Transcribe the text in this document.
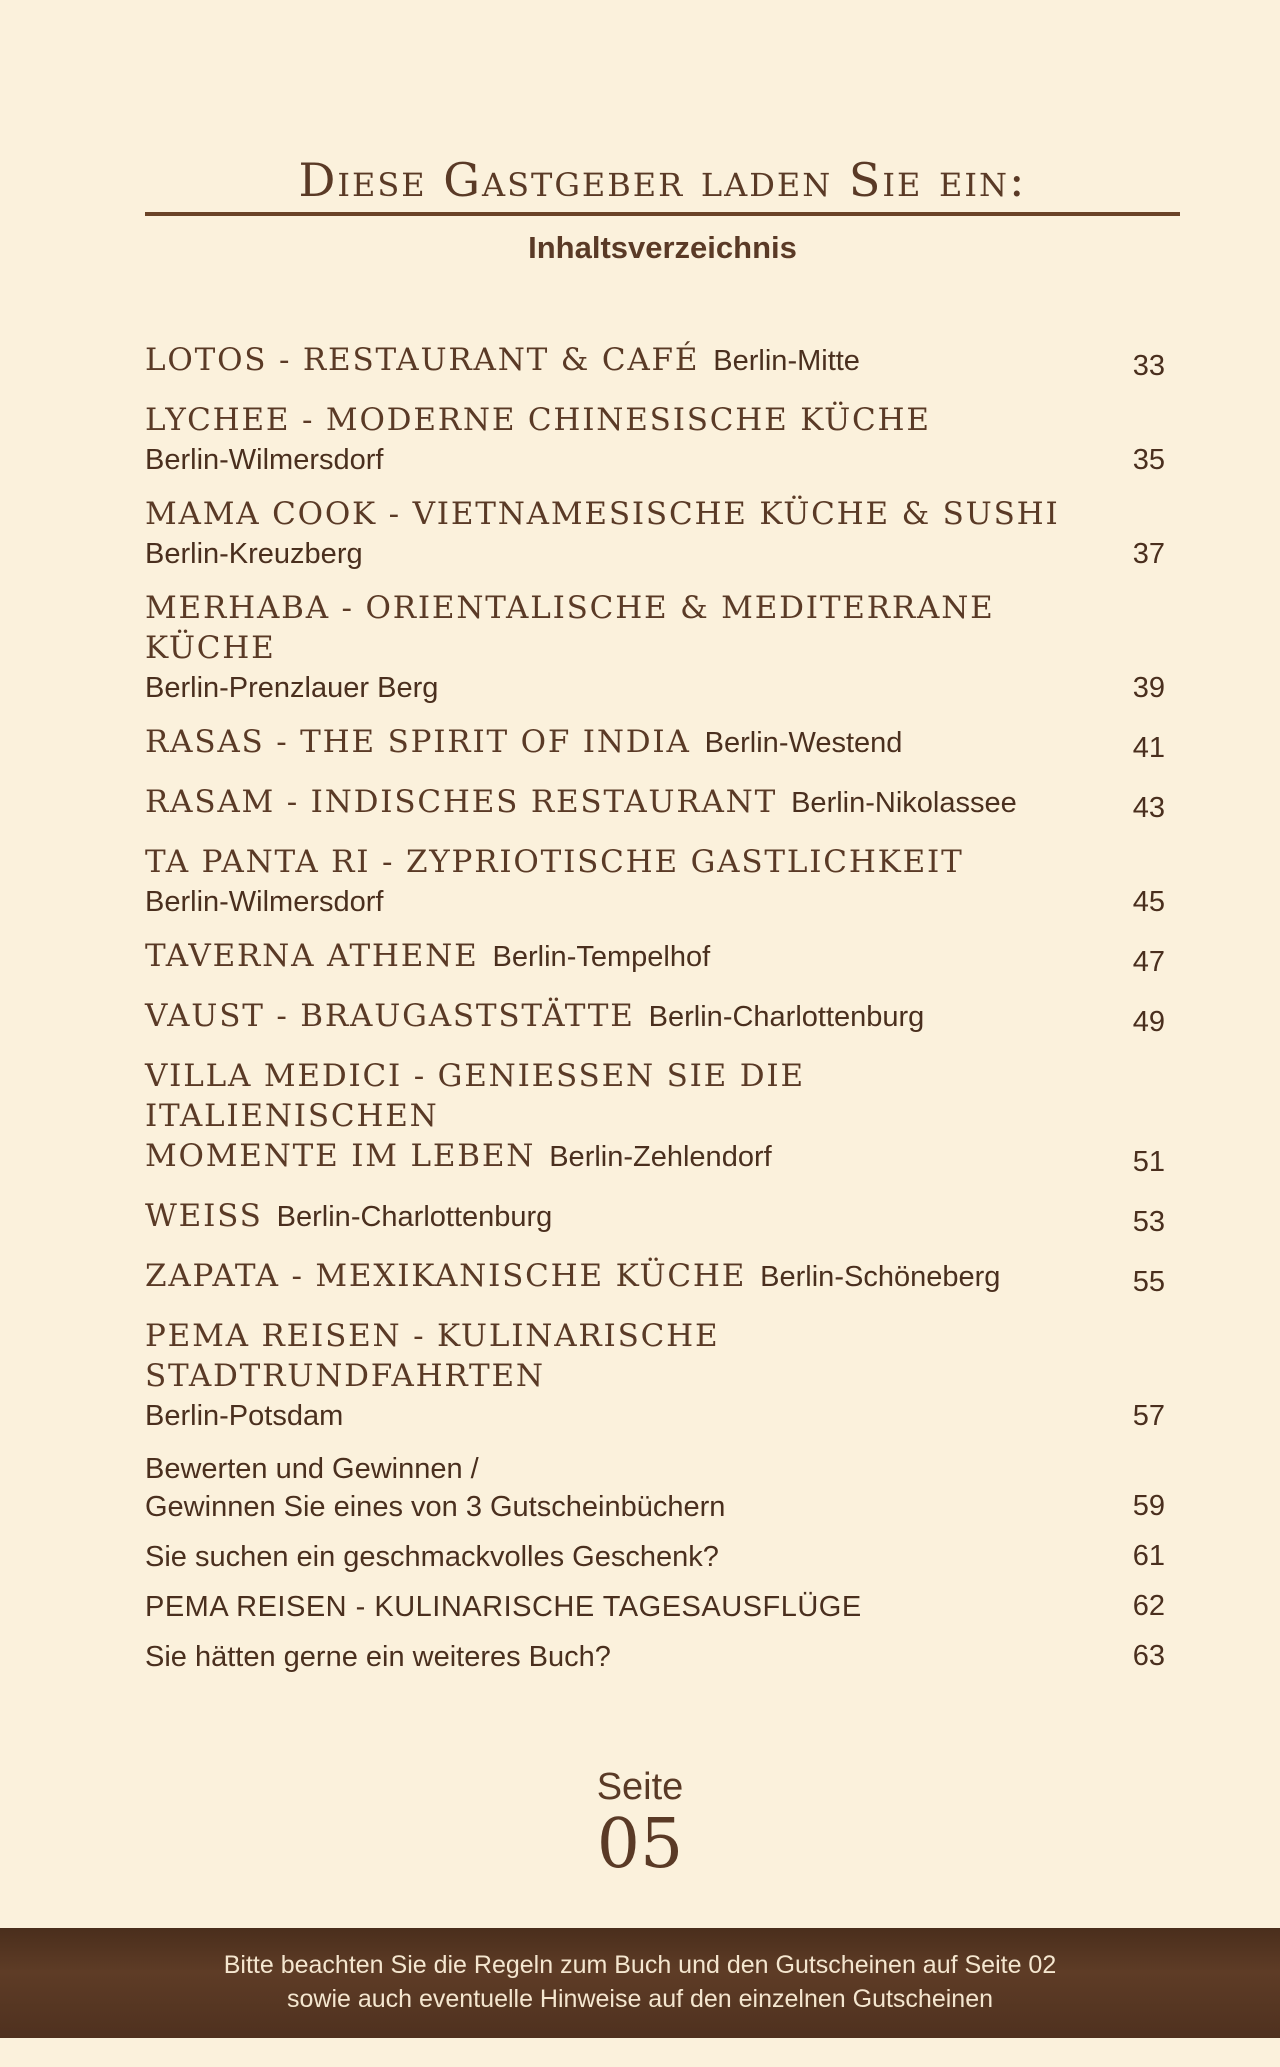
Diese Gastgeber laden Sie ein:
Inhaltsverzeichnis
LOTOS - RESTAURANT & CAFÉ Berlin-Mitte	33
LYCHEE - MODERNE CHINESISCHE KÜCHE
Berlin-Wilmersdorf	35
MAMA COOK - VIETNAMESISCHE KÜCHE & SUSHI
Berlin-Kreuzberg	37
MERHABA - ORIENTALISCHE & MEDITERRANE KÜCHE
Berlin-Prenzlauer Berg	39
RASAS - THE SPIRIT OF INDIA Berlin-Westend	41
RASAM - INDISCHES RESTAURANT Berlin-Nikolassee	43
TA PANTA RI - ZYPRIOTISCHE GASTLICHKEIT
Berlin-Wilmersdorf	45
TAVERNA ATHENE Berlin-Tempelhof	47
VAUST - BRAUGASTSTÄTTE Berlin-Charlottenburg	49
VILLA MEDICI - GENIESSEN SIE DIE ITALIENISCHEN
MOMENTE IM LEBEN Berlin-Zehlendorf	51
WEISS Berlin-Charlottenburg	53
ZAPATA - MEXIKANISCHE KÜCHE Berlin-Schöneberg	55
PEMA REISEN - KULINARISCHE STADTRUNDFAHRTEN
Berlin-Potsdam	57
Bewerten und Gewinnen /
Gewinnen Sie eines von 3 Gutscheinbüchern	59
Sie suchen ein geschmackvolles Geschenk?	61
PEMA REISEN - KULINARISCHE TAGESAUSFLÜGE	62
Sie hätten gerne ein weiteres Buch?	63
Seite
05
Bitte beachten Sie die Regeln zum Buch und den Gutscheinen auf Seite 02
sowie auch eventuelle Hinweise auf den einzelnen Gutscheinen
